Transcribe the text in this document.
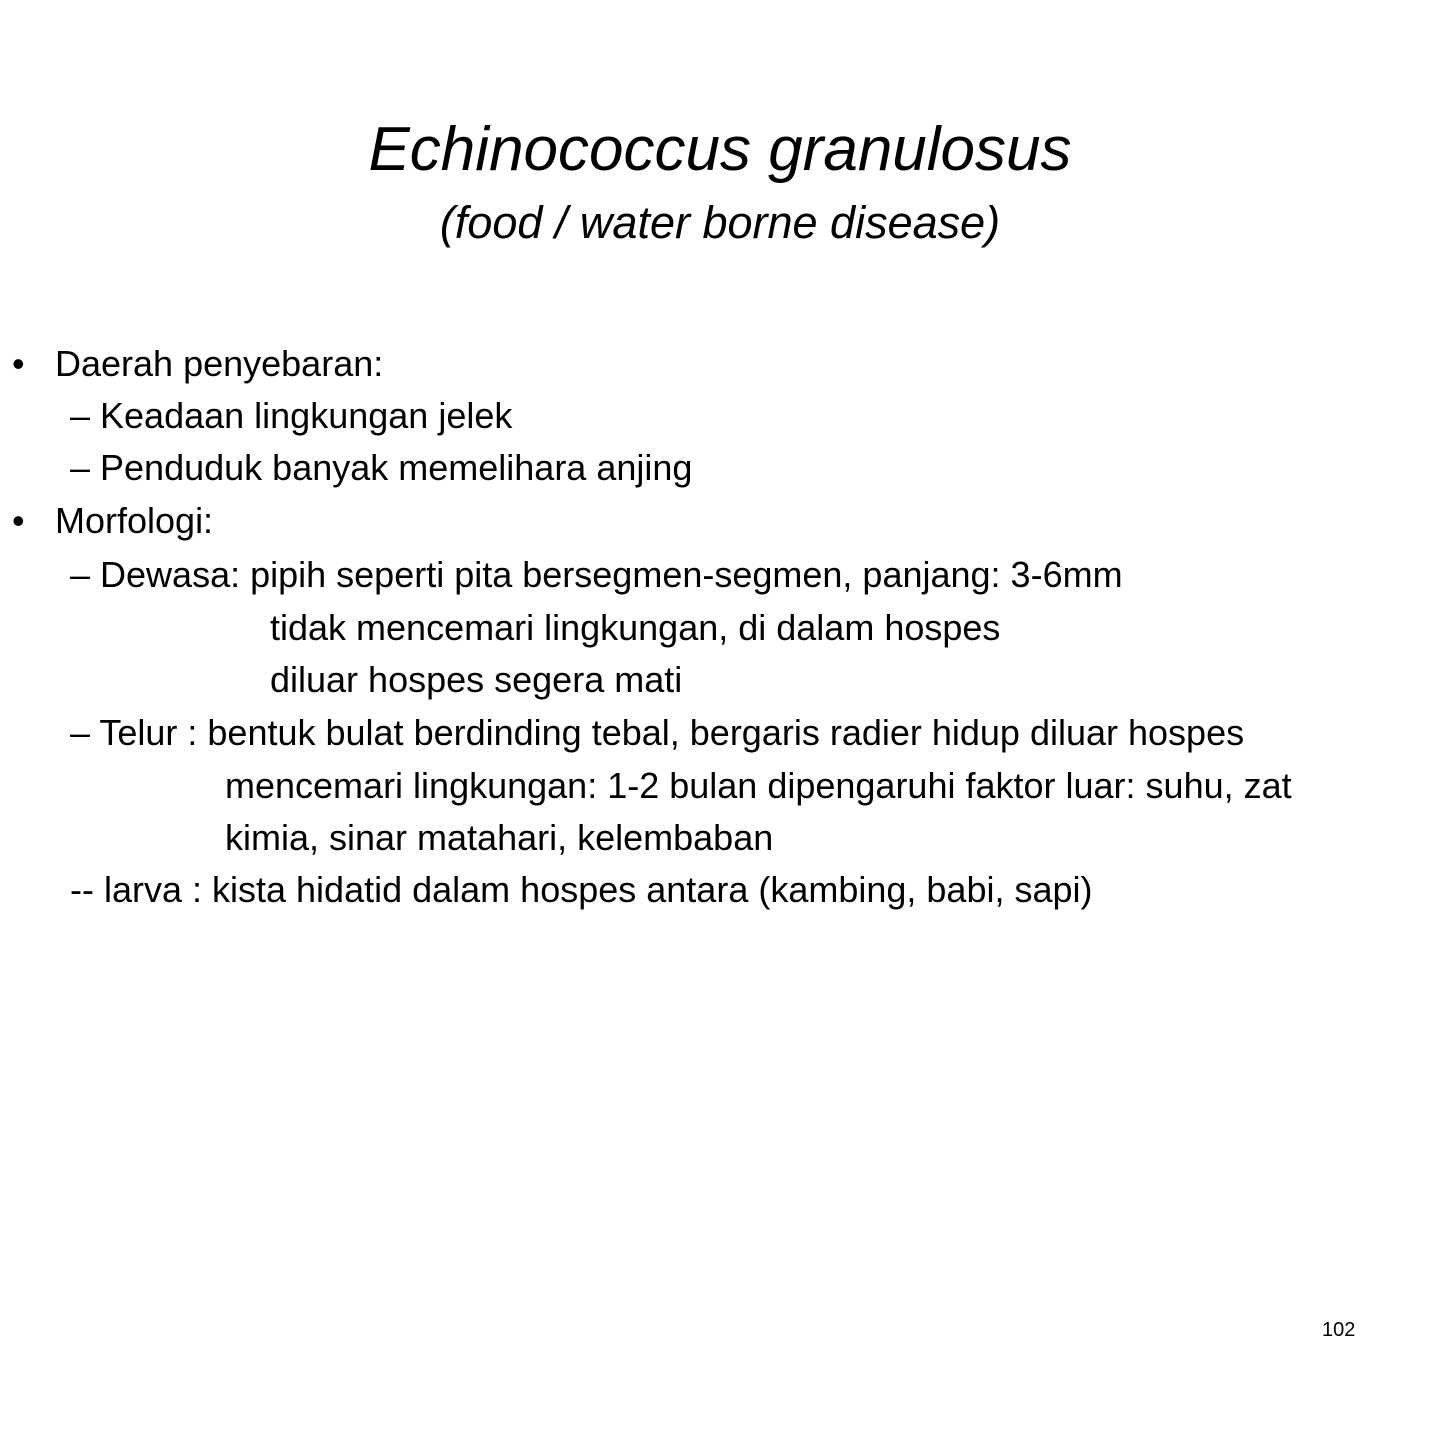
Echinococcus granulosus
(food / water borne disease)
• Daerah penyebaran:
– Keadaan lingkungan jelek
– Penduduk banyak memelihara anjing
• Morfologi:
– Dewasa: pipih seperti pita bersegmen-segmen, panjang: 3-6mm
tidak mencemari lingkungan, di dalam hospes
diluar hospes segera mati
– Telur : bentuk bulat berdinding tebal, bergaris radier hidup diluar hospes
mencemari lingkungan: 1-2 bulan dipengaruhi faktor luar: suhu, zat
kimia, sinar matahari, kelembaban
-- larva : kista hidatid dalam hospes antara (kambing, babi, sapi)
102
